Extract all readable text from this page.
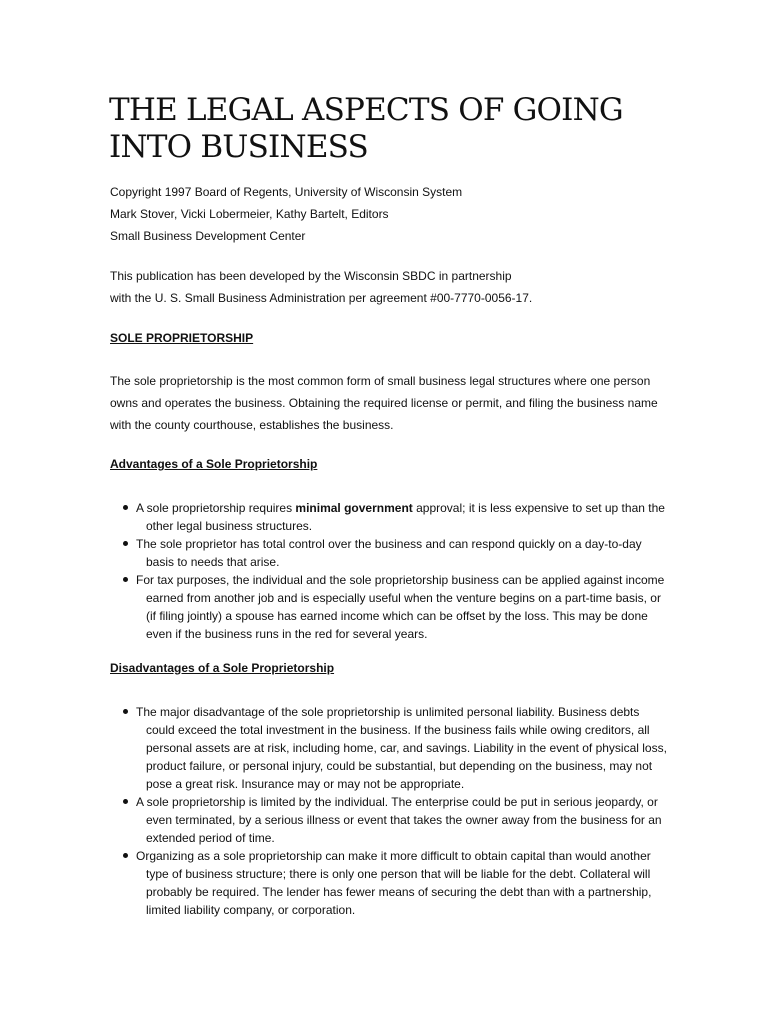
THE LEGAL ASPECTS OF GOING INTO BUSINESS
Copyright 1997 Board of Regents, University of Wisconsin System
Mark Stover, Vicki Lobermeier, Kathy Bartelt, Editors
Small Business Development Center
This publication has been developed by the Wisconsin SBDC in partnership
with the U. S. Small Business Administration per agreement #00-7770-0056-17.
SOLE PROPRIETORSHIP
The sole proprietorship is the most common form of small business legal structures where one person
owns and operates the business. Obtaining the required license or permit, and filing the business name
with the county courthouse, establishes the business.
Advantages of a Sole Proprietorship
A sole proprietorship requires minimal government approval; it is less expensive to set up than the
other legal business structures.
The sole proprietor has total control over the business and can respond quickly on a day-to-day
basis to needs that arise.
For tax purposes, the individual and the sole proprietorship business can be applied against income
earned from another job and is especially useful when the venture begins on a part-time basis, or
(if filing jointly) a spouse has earned income which can be offset by the loss. This may be done
even if the business runs in the red for several years.
Disadvantages of a Sole Proprietorship
The major disadvantage of the sole proprietorship is unlimited personal liability. Business debts
could exceed the total investment in the business. If the business fails while owing creditors, all
personal assets are at risk, including home, car, and savings. Liability in the event of physical loss,
product failure, or personal injury, could be substantial, but depending on the business, may not
pose a great risk. Insurance may or may not be appropriate.
A sole proprietorship is limited by the individual. The enterprise could be put in serious jeopardy, or
even terminated, by a serious illness or event that takes the owner away from the business for an
extended period of time.
Organizing as a sole proprietorship can make it more difficult to obtain capital than would another
type of business structure; there is only one person that will be liable for the debt. Collateral will
probably be required. The lender has fewer means of securing the debt than with a partnership,
limited liability company, or corporation.
